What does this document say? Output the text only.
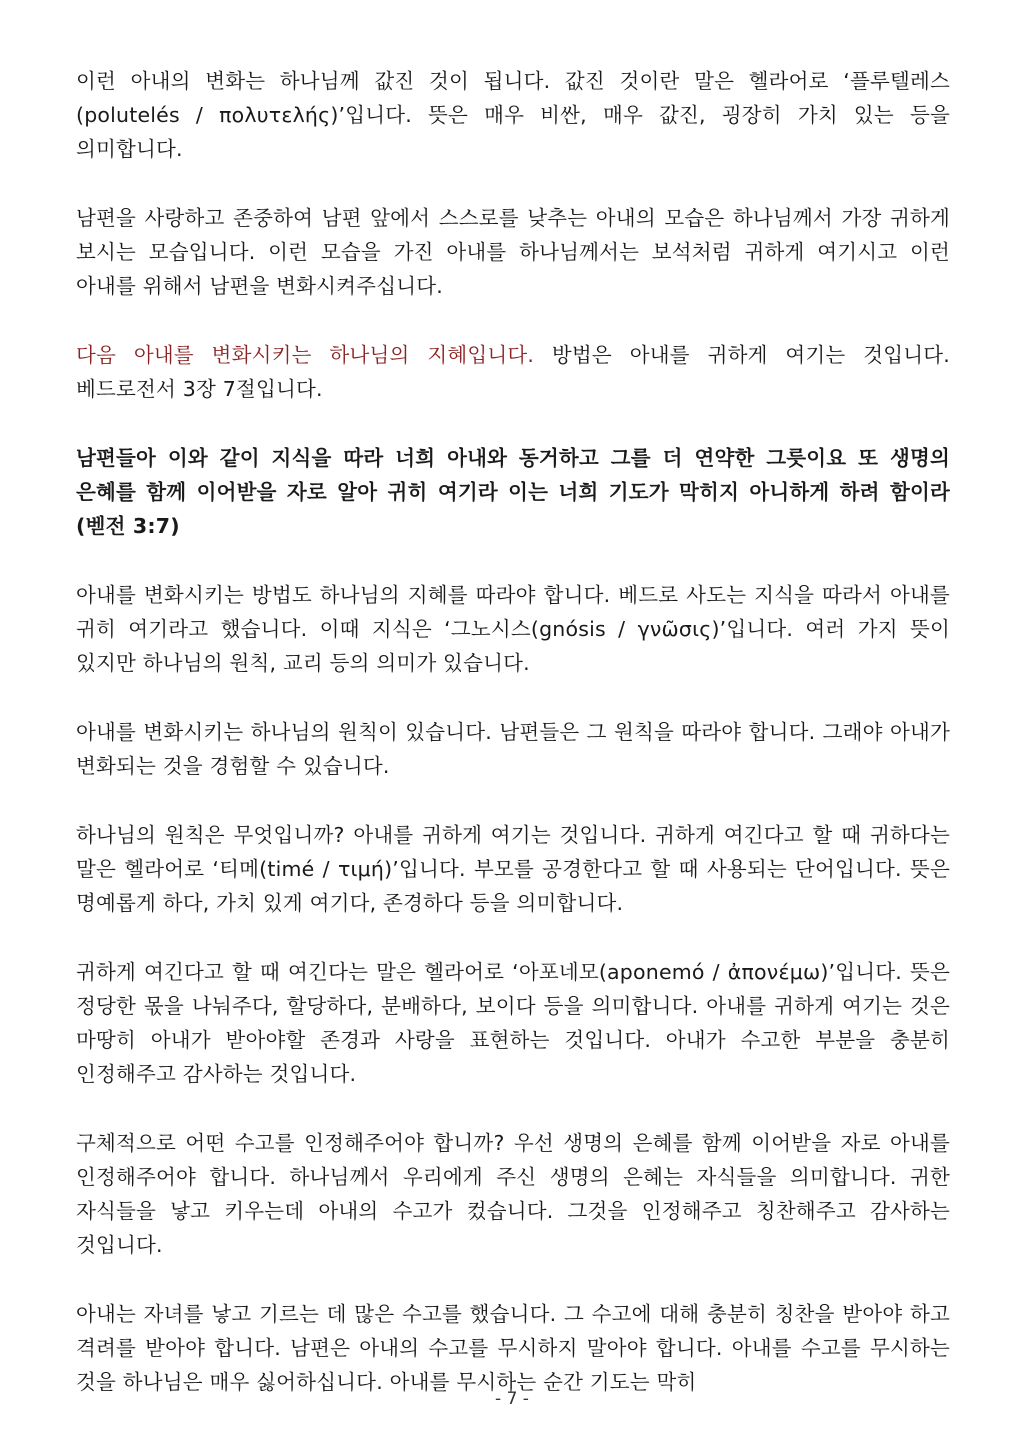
이런 아내의 변화는 하나님께 값진 것이 됩니다. 값진 것이란 말은 헬라어로 ‘플루텔레스(polutelés / πολυτελής)’입니다. 뜻은 매우 비싼, 매우 값진, 굉장히 가치 있는 등을 의미합니다.

남편을 사랑하고 존중하여 남편 앞에서 스스로를 낮추는 아내의 모습은 하나님께서 가장 귀하게 보시는 모습입니다. 이런 모습을 가진 아내를 하나님께서는 보석처럼 귀하게 여기시고 이런 아내를 위해서 남편을 변화시켜주십니다.

다음 아내를 변화시키는 하나님의 지혜입니다. 방법은 아내를 귀하게 여기는 것입니다. 베드로전서 3장 7절입니다.

남편들아 이와 같이 지식을 따라 너희 아내와 동거하고 그를 더 연약한 그릇이요 또 생명의 은혜를 함께 이어받을 자로 알아 귀히 여기라 이는 너희 기도가 막히지 아니하게 하려 함이라 (벧전 3:7)

아내를 변화시키는 방법도 하나님의 지혜를 따라야 합니다. 베드로 사도는 지식을 따라서 아내를 귀히 여기라고 했습니다. 이때 지식은 ‘그노시스(gnósis / γνῶσις)’입니다. 여러 가지 뜻이 있지만 하나님의 원칙, 교리 등의 의미가 있습니다.

아내를 변화시키는 하나님의 원칙이 있습니다. 남편들은 그 원칙을 따라야 합니다. 그래야 아내가 변화되는 것을 경험할 수 있습니다.

하나님의 원칙은 무엇입니까? 아내를 귀하게 여기는 것입니다. 귀하게 여긴다고 할 때 귀하다는 말은 헬라어로 ‘티메(timé / τιμή)’입니다. 부모를 공경한다고 할 때 사용되는 단어입니다. 뜻은 명예롭게 하다, 가치 있게 여기다, 존경하다 등을 의미합니다.

귀하게 여긴다고 할 때 여긴다는 말은 헬라어로 ‘아포네모(aponemó / ἀπονέμω)’입니다. 뜻은 정당한 몫을 나눠주다, 할당하다, 분배하다, 보이다 등을 의미합니다. 아내를 귀하게 여기는 것은 마땅히 아내가 받아야할 존경과 사랑을 표현하는 것입니다. 아내가 수고한 부분을 충분히 인정해주고 감사하는 것입니다.

구체적으로 어떤 수고를 인정해주어야 합니까? 우선 생명의 은혜를 함께 이어받을 자로 아내를 인정해주어야 합니다. 하나님께서 우리에게 주신 생명의 은혜는 자식들을 의미합니다. 귀한 자식들을 낳고 키우는데 아내의 수고가 컸습니다. 그것을 인정해주고 칭찬해주고 감사하는 것입니다.

아내는 자녀를 낳고 기르는 데 많은 수고를 했습니다. 그 수고에 대해 충분히 칭찬을 받아야 하고 격려를 받아야 합니다. 남편은 아내의 수고를 무시하지 말아야 합니다. 아내를 수고를 무시하는 것을 하나님은 매우 싫어하십니다. 아내를 무시하는 순간 기도는 막히

- 7 -
